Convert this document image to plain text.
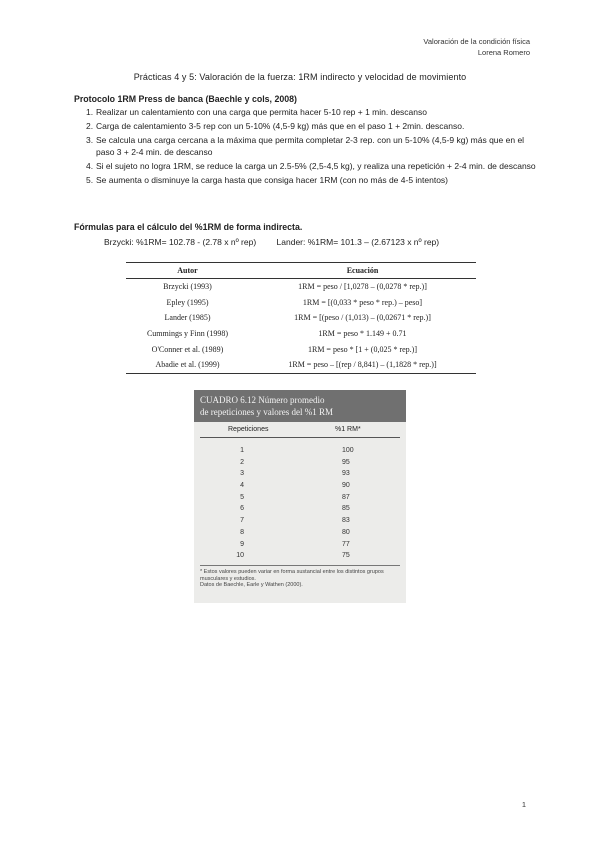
Valoración de la condición física
Lorena Romero
Prácticas 4 y 5: Valoración de la fuerza: 1RM indirecto y velocidad de movimiento
Protocolo 1RM Press de banca (Baechle y cols, 2008)
1. Realizar un calentamiento con una carga que permita hacer 5-10 rep + 1 min. descanso
2. Carga de calentamiento 3-5 rep con un 5-10% (4,5-9 kg) más que en el paso 1 + 2min. descanso.
3. Se calcula una carga cercana a la máxima que permita completar 2-3 rep. con un 5-10% (4,5-9 kg) más que en el paso 3 + 2-4 min. de descanso
4. Si el sujeto no logra 1RM, se reduce la carga un 2.5-5% (2,5-4,5 kg), y realiza una repetición + 2-4 min. de descanso
5. Se aumenta o disminuye la carga hasta que consiga hacer 1RM (con no más de 4-5 intentos)
Fórmulas para el cálculo del %1RM de forma indirecta.
Brzycki: %1RM= 102.78 - (2.78 x nº rep) Lander: %1RM= 101.3 – (2.67123 x nº rep)
Autor	Ecuación
Brzycki (1993)	1RM = peso / [1,0278 – (0,0278 * rep.)]
Epley (1995)	1RM = [(0,033 * peso * rep.) – peso]
Lander (1985)	1RM = [(peso / (1,013) – (0,02671 * rep.)]
Cummings y Finn (1998)	1RM = peso * 1.149 + 0.71
O'Conner et al. (1989)	1RM = peso * [1 + (0,025 * rep.)]
Abadie et al. (1999)	1RM = peso – [(rep / 8,841) – (1,1828 * rep.)]
CUADRO 6.12 Número promedio
de repeticiones y valores del %1 RM
Repeticiones	%1 RM*
1	100
2	95
3	93
4	90
5	87
6	85
7	83
8	80
9	77
10	75
* Estos valores pueden variar en forma sustancial entre los distintos grupos musculares y estudios.
Datos de Baechle, Earle y Wathen (2000).
1
